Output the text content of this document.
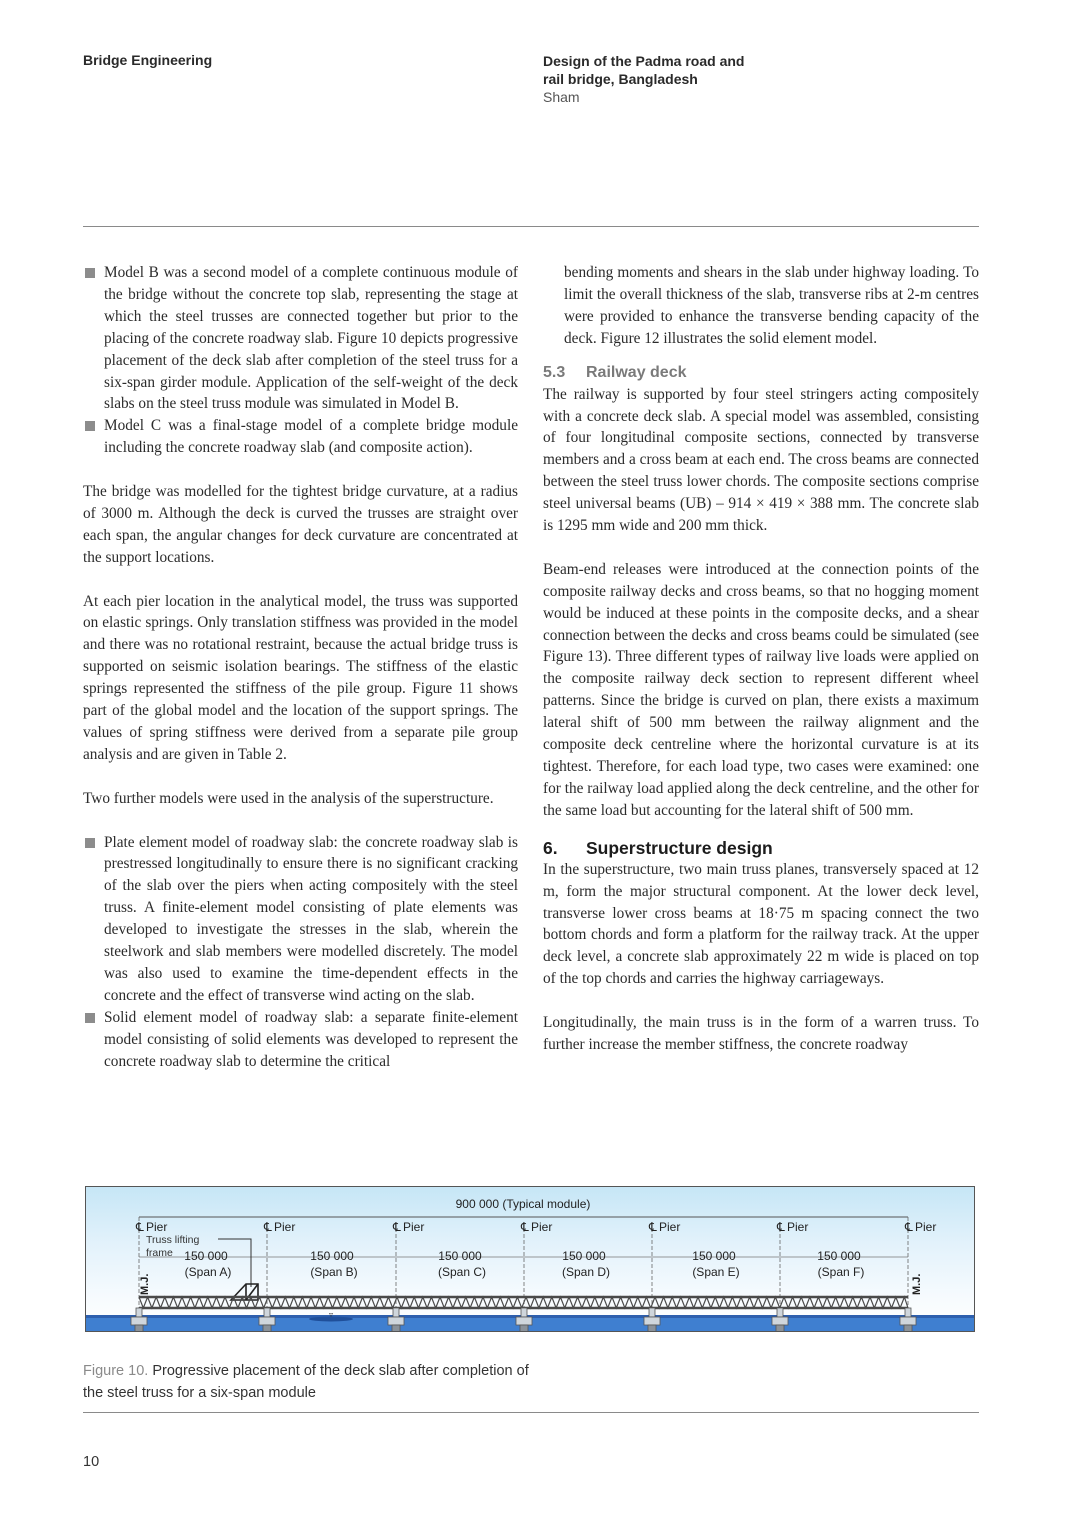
Bridge Engineering	Design of the Padma road and
rail bridge, Bangladesh
Sham
Model B was a second model of a complete continuous module of the bridge without the concrete top slab, representing the stage at which the steel trusses are connected together but prior to the placing of the concrete roadway slab. Figure 10 depicts progressive placement of the deck slab after completion of the steel truss for a six-span girder module. Application of the self-weight of the deck slabs on the steel truss module was simulated in Model B.
Model C was a final-stage model of a complete bridge module including the concrete roadway slab (and composite action).

The bridge was modelled for the tightest bridge curvature, at a radius of 3000 m. Although the deck is curved the trusses are straight over each span, the angular changes for deck curvature are concentrated at the support locations.

At each pier location in the analytical model, the truss was supported on elastic springs. Only translation stiffness was provided in the model and there was no rotational restraint, because the actual bridge truss is supported on seismic isolation bearings. The stiffness of the elastic springs represented the stiffness of the pile group. Figure 11 shows part of the global model and the location of the support springs. The values of spring stiffness were derived from a separate pile group analysis and are given in Table 2.

Two further models were used in the analysis of the superstructure.

Plate element model of roadway slab: the concrete roadway slab is prestressed longitudinally to ensure there is no significant cracking of the slab over the piers when acting compositely with the steel truss. A finite-element model consisting of plate elements was developed to investigate the stresses in the slab, wherein the steelwork and slab members were modelled discretely. The model was also used to examine the time-dependent effects in the concrete and the effect of transverse wind acting on the slab.
Solid element model of roadway slab: a separate finite-element model consisting of solid elements was developed to represent the concrete roadway slab to determine the critical

bending moments and shears in the slab under highway loading. To limit the overall thickness of the slab, transverse ribs at 2-m centres were provided to enhance the transverse bending capacity of the deck. Figure 12 illustrates the solid element model.

5.3 Railway deck

The railway is supported by four steel stringers acting compositely with a concrete deck slab. A special model was assembled, consisting of four longitudinal composite sections, connected by transverse members and a cross beam at each end. The cross beams are connected between the steel truss lower chords. The composite sections comprise steel universal beams (UB) – 914 × 419 × 388 mm. The concrete slab is 1295 mm wide and 200 mm thick.

Beam-end releases were introduced at the connection points of the composite railway decks and cross beams, so that no hogging moment would be induced at these points in the composite decks, and a shear connection between the decks and cross beams could be simulated (see Figure 13). Three different types of railway live loads were applied on the composite railway deck section to represent different wheel patterns. Since the bridge is curved on plan, there exists a maximum lateral shift of 500 mm between the railway alignment and the composite deck centreline where the horizontal curvature is at its tightest. Therefore, for each load type, two cases were examined: one for the railway load applied along the deck centreline, and the other for the same load but accounting for the lateral shift of 500 mm.

6. Superstructure design

In the superstructure, two main truss planes, transversely spaced at 12 m, form the major structural component. At the lower deck level, transverse lower cross beams at 18·75 m spacing connect the two bottom chords and form a platform for the railway track. At the upper deck level, a concrete slab approximately 22 m wide is placed on top of the top chords and carries the highway carriageways.

Longitudinally, the main truss is in the form of a warren truss. To further increase the member stiffness, the concrete roadway

900 000 (Typical module)
℄ Pier	℄ Pier	℄ Pier	℄ Pier	℄ Pier	℄ Pier	℄ Pier
Truss lifting
frame 150 000
(Span A)
150 000
(Span B)
150 000
(Span C)
150 000
(Span D)
150 000
(Span E)
150 000
(Span F)
M.J.	M.J.
▿
Figure 10. Progressive placement of the deck slab after completion of the steel truss for a six-span module
10
